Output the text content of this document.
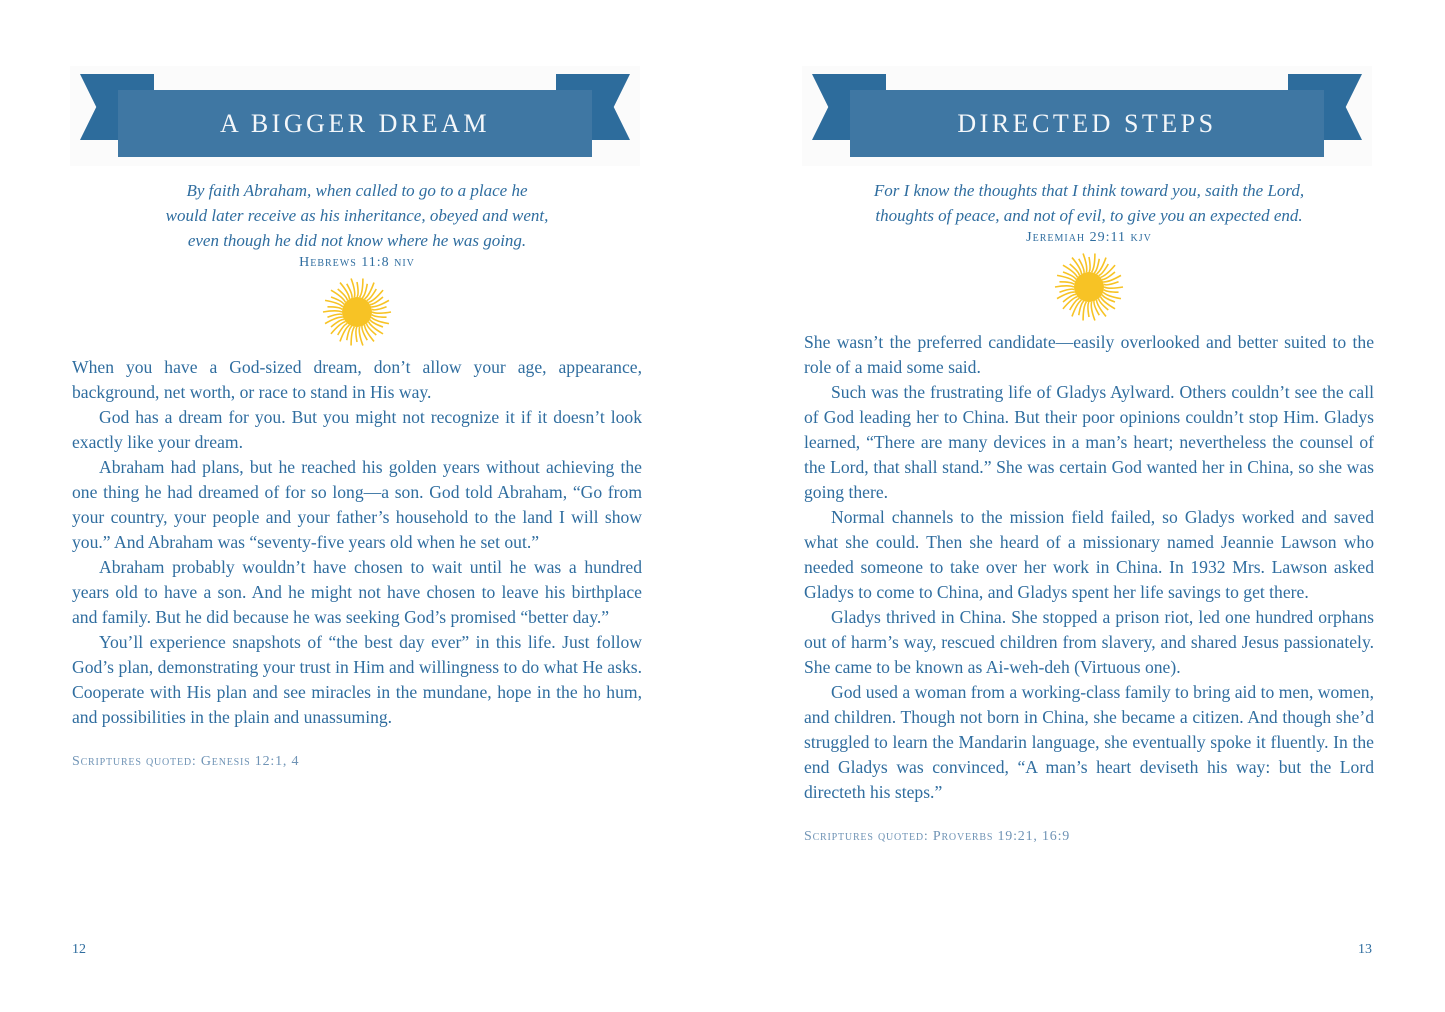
A BIGGER DREAM
By faith Abraham, when called to go to a place he
would later receive as his inheritance, obeyed and went,
even though he did not know where he was going.
Hebrews 11:8 niv

When you have a God-sized dream, don’t allow your age, appearance, background, net worth, or race to stand in His way.

God has a dream for you. But you might not recognize it if it doesn’t look exactly like your dream.

Abraham had plans, but he reached his golden years without achieving the one thing he had dreamed of for so long—a son. God told Abraham, “Go from your country, your people and your father’s household to the land I will show you.” And Abraham was “seventy-five years old when he set out.”

Abraham probably wouldn’t have chosen to wait until he was a hundred years old to have a son. And he might not have chosen to leave his birthplace and family. But he did because he was seeking God’s promised “better day.”

You’ll experience snapshots of “the best day ever” in this life. Just follow God’s plan, demonstrating your trust in Him and willingness to do what He asks. Cooperate with His plan and see miracles in the mundane, hope in the ho hum, and possibilities in the plain and unassuming.

Scriptures quoted: Genesis 12:1, 4
12
DIRECTED STEPS
For I know the thoughts that I think toward you, saith the Lord,
thoughts of peace, and not of evil, to give you an expected end.
Jeremiah 29:11 kjv

She wasn’t the preferred candidate—easily overlooked and better suited to the role of a maid some said.

Such was the frustrating life of Gladys Aylward. Others couldn’t see the call of God leading her to China. But their poor opinions couldn’t stop Him. Gladys learned, “There are many devices in a man’s heart; nevertheless the counsel of the Lord, that shall stand.” She was certain God wanted her in China, so she was going there.

Normal channels to the mission field failed, so Gladys worked and saved what she could. Then she heard of a missionary named Jeannie Lawson who needed someone to take over her work in China. In 1932 Mrs. Lawson asked Gladys to come to China, and Gladys spent her life savings to get there.

Gladys thrived in China. She stopped a prison riot, led one hundred orphans out of harm’s way, rescued children from slavery, and shared Jesus passionately. She came to be known as Ai-weh-deh (Virtuous one).

God used a woman from a working-class family to bring aid to men, women, and children. Though not born in China, she became a citizen. And though she’d struggled to learn the Mandarin language, she eventually spoke it fluently. In the end Gladys was convinced, “A man’s heart deviseth his way: but the Lord directeth his steps.”

Scriptures quoted: Proverbs 19:21, 16:9
13
